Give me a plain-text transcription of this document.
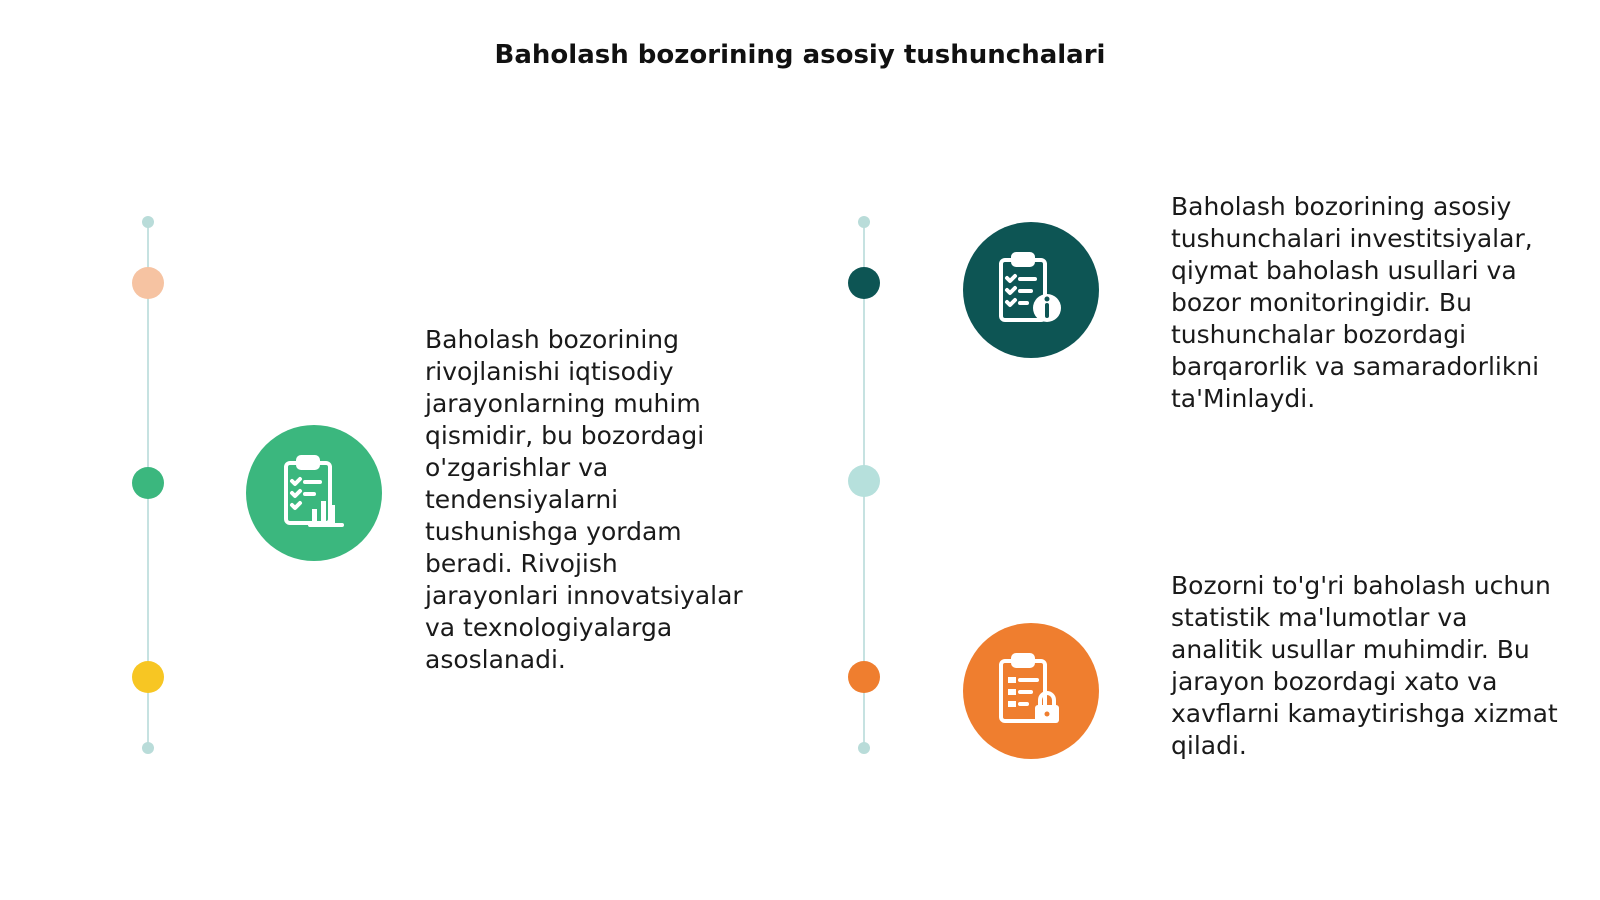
Baholash bozorining asosiy tushunchalari
Baholash bozorining rivojlanishi iqtisodiy jarayonlarning muhim qismidir, bu bozordagi o'zgarishlar va tendensiyalarni tushunishga yordam beradi. Rivojish jarayonlari innovatsiyalar va texnologiyalarga asoslanadi.
Baholash bozorining asosiy tushunchalari investitsiyalar, qiymat baholash usullari va bozor monitoringidir. Bu tushunchalar bozordagi barqarorlik va samaradorlikni ta'Minlaydi.
Bozorni to'g'ri baholash uchun statistik ma'lumotlar va analitik usullar muhimdir. Bu jarayon bozordagi xato va xavflarni kamaytirishga xizmat qiladi.
